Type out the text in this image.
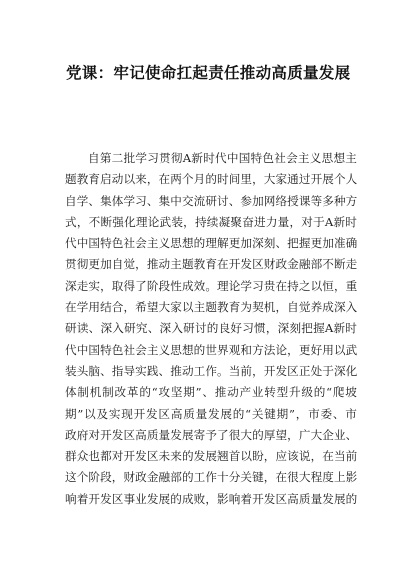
党课：牢记使命扛起责任推动高质量发展
自第二批学习贯彻A新时代中国特色社会主义思想主
题教育启动以来，在两个月的时间里，大家通过开展个人
自学、集体学习、集中交流研讨、参加网络授课等多种方
式，不断强化理论武装，持续凝聚奋进力量，对于A新时
代中国特色社会主义思想的理解更加深刻、把握更加准确
贯彻更加自觉，推动主题教育在开发区财政金融部不断走
深走实，取得了阶段性成效。理论学习贵在持之以恒，重
在学用结合，希望大家以主题教育为契机，自觉养成深入
研读、深入研究、深入研讨的良好习惯，深刻把握A新时
代中国特色社会主义思想的世界观和方法论，更好用以武
装头脑、指导实践、推动工作。当前，开发区正处于深化
体制机制改革的“攻坚期”、推动产业转型升级的“爬坡
期”以及实现开发区高质量发展的“关键期”，市委、市
政府对开发区高质量发展寄予了很大的厚望，广大企业、
群众也都对开发区未来的发展翘首以盼，应该说，在当前
这个阶段，财政金融部的工作十分关键，在很大程度上影
响着开发区事业发展的成败，影响着开发区高质量发展的
